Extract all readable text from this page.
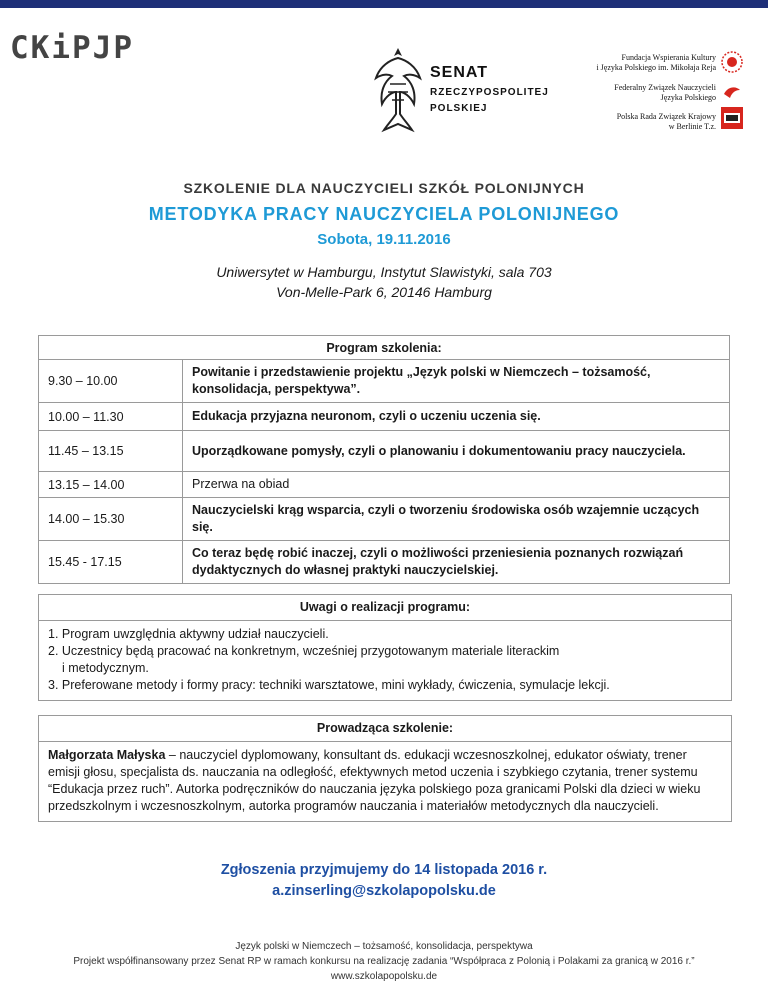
CKiPJP
SENAT
RZECZYPOSPOLITEJ
POLSKIEJ
Fundacja Wspierania Kultury
i Języka Polskiego im. Mikołaja Reja
Federalny Związek Nauczycieli
Języka Polskiego
Polska Rada Związek Krajowy
w Berlinie T.z.
SZKOLENIE DLA NAUCZYCIELI SZKÓŁ POLONIJNYCH
METODYKA PRACY NAUCZYCIELA POLONIJNEGO
Sobota, 19.11.2016
Uniwersytet w Hamburgu, Instytut Slawistyki, sala 703
Von-Melle-Park 6, 20146 Hamburg
Program szkolenia:	
9.30 – 10.00	Powitanie i przedstawienie projektu „Język polski w Niemczech – tożsamość, konsolidacja, perspektywa”.
10.00 – 11.30	Edukacja przyjazna neuronom, czyli o uczeniu uczenia się.
11.45 – 13.15	Uporządkowane pomysły, czyli o planowaniu i dokumentowaniu pracy nauczyciela.
13.15 – 14.00	Przerwa na obiad
14.00 – 15.30	Nauczycielski krąg wsparcia, czyli o tworzeniu środowiska osób wzajemnie uczących się.
15.45 - 17.15	Co teraz będę robić inaczej, czyli o możliwości przeniesienia poznanych rozwiązań dydaktycznych do własnej praktyki nauczycielskiej.
Uwagi o realizacji programu:
1. Program uwzględnia aktywny udział nauczycieli.
2. Uczestnicy będą pracować na konkretnym, wcześniej przygotowanym materiale literackim
i metodycznym.
3. Preferowane metody i formy pracy: techniki warsztatowe, mini wykłady, ćwiczenia, symulacje lekcji.
Prowadząca szkolenie:
Małgorzata Małyska – nauczyciel dyplomowany, konsultant ds. edukacji wczesnoszkolnej, edukator oświaty, trener emisji głosu, specjalista ds. nauczania na odległość, efektywnych metod uczenia i szybkiego czytania, trener systemu “Edukacja przez ruch”. Autorka podręczników do nauczania języka polskiego poza granicami Polski dla dzieci w wieku przedszkolnym i wczesnoszkolnym, autorka programów nauczania i materiałów metodycznych dla nauczycieli.
Zgłoszenia przyjmujemy do 14 listopada 2016 r.
a.zinserling@szkolapopolsku.de
Język polski w Niemczech – tożsamość, konsolidacja, perspektywa
Projekt współfinansowany przez Senat RP w ramach konkursu na realizację zadania “Współpraca z Polonią i Polakami za granicą w 2016 r.”
www.szkolapopolsku.de
